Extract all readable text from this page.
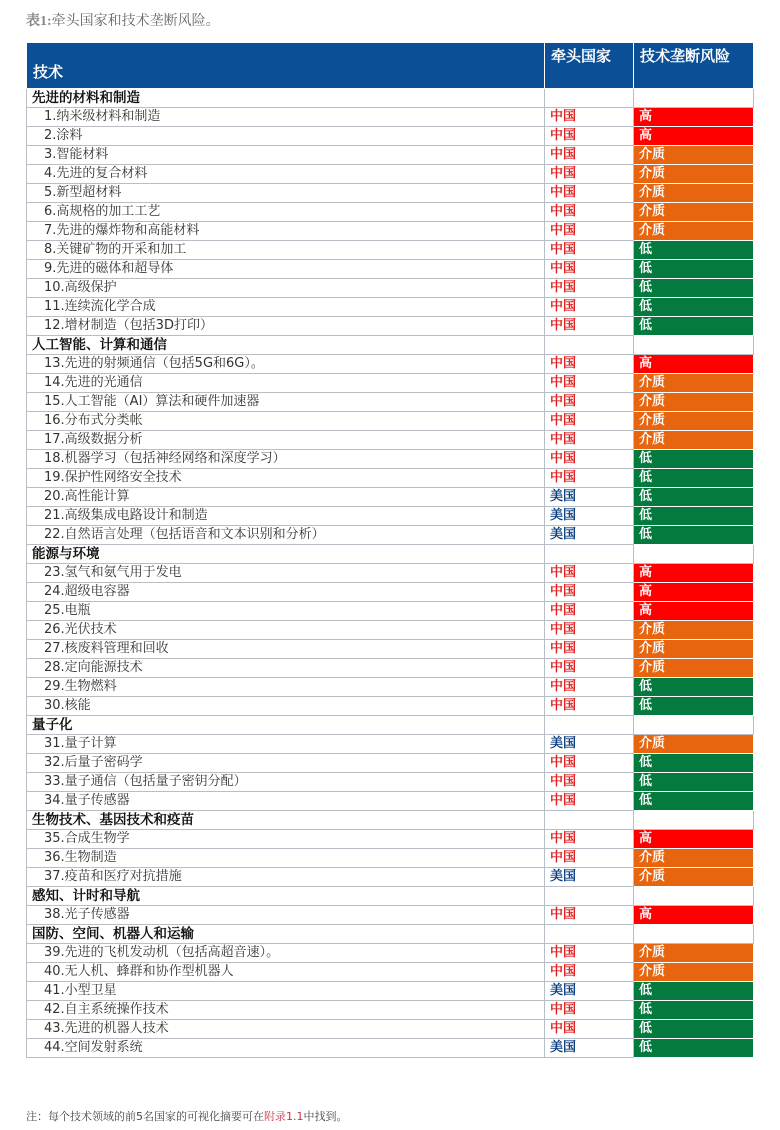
表1:牵头国家和技术垄断风险。
技术	牵头国家	技术垄断风险
先进的材料和制造		
1.纳米级材料和制造	中国	高
2.涂料	中国	高
3.智能材料	中国	介质
4.先进的复合材料	中国	介质
5.新型超材料	中国	介质
6.高规格的加工工艺	中国	介质
7.先进的爆炸物和高能材料	中国	介质
8.关键矿物的开采和加工	中国	低
9.先进的磁体和超导体	中国	低
10.高级保护	中国	低
11.连续流化学合成	中国	低
12.增材制造（包括3D打印）	中国	低
人工智能、计算和通信		
13.先进的射频通信（包括5G和6G）。	中国	高
14.先进的光通信	中国	介质
15.人工智能（AI）算法和硬件加速器	中国	介质
16.分布式分类帐	中国	介质
17.高级数据分析	中国	介质
18.机器学习（包括神经网络和深度学习）	中国	低
19.保护性网络安全技术	中国	低
20.高性能计算	美国	低
21.高级集成电路设计和制造	美国	低
22.自然语言处理（包括语音和文本识别和分析）	美国	低
能源与环境		
23.氢气和氨气用于发电	中国	高
24.超级电容器	中国	高
25.电瓶	中国	高
26.光伏技术	中国	介质
27.核废料管理和回收	中国	介质
28.定向能源技术	中国	介质
29.生物燃料	中国	低
30.核能	中国	低
量子化		
31.量子计算	美国	介质
32.后量子密码学	中国	低
33.量子通信（包括量子密钥分配）	中国	低
34.量子传感器	中国	低
生物技术、基因技术和疫苗		
35.合成生物学	中国	高
36.生物制造	中国	介质
37.疫苗和医疗对抗措施	美国	介质
感知、计时和导航		
38.光子传感器	中国	高
国防、空间、机器人和运输		
39.先进的飞机发动机（包括高超音速）。	中国	介质
40.无人机、蜂群和协作型机器人	中国	介质
41.小型卫星	美国	低
42.自主系统操作技术	中国	低
43.先进的机器人技术	中国	低
44.空间发射系统	美国	低
注：每个技术领域的前5名国家的可视化摘要可在附录1.1中找到。
